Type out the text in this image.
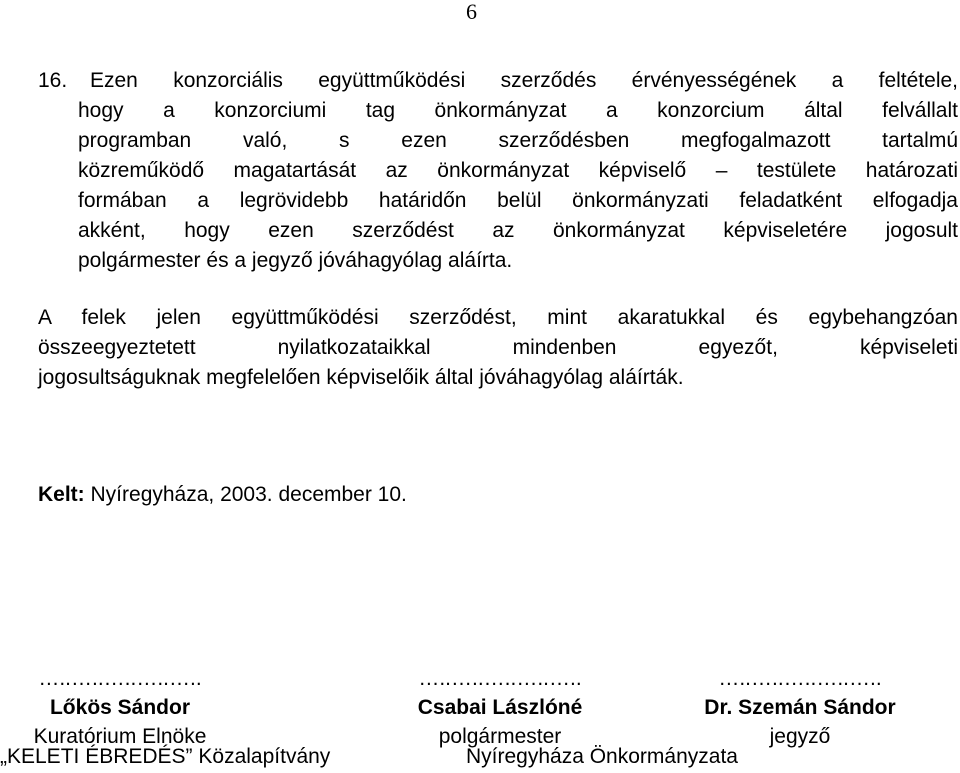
6
16.	Ezen konzorciális együttműködési szerződés érvényességének a feltétele,
hogy a konzorciumi tag önkormányzat a konzorcium által felvállalt
programban való, s ezen szerződésben megfogalmazott tartalmú
közreműködő magatartását az önkormányzat képviselő – testülete határozati
formában a legrövidebb határidőn belül önkormányzati feladatként elfogadja
akként, hogy ezen szerződést az önkormányzat képviseletére jogosult
polgármester és a jegyző jóváhagyólag aláírta.
A felek jelen együttműködési szerződést, mint akaratukkal és egybehangzóan
összeegyeztetett nyilatkozataikkal mindenben egyezőt, képviseleti
jogosultságuknak megfelelően képviselőik által jóváhagyólag aláírták.
Kelt: Nyíregyháza, 2003. december 10.
…..…..…..…..…..
Lőkös Sándor
Kuratórium Elnöke
…..…..…..…..…..
Csabai Lászlóné
polgármester
…..…..…..…..…..
Dr. Szemán Sándor
jegyző
„KELETI ÉBREDÉS” Közalapítvány	Nyíregyháza Önkormányzata
